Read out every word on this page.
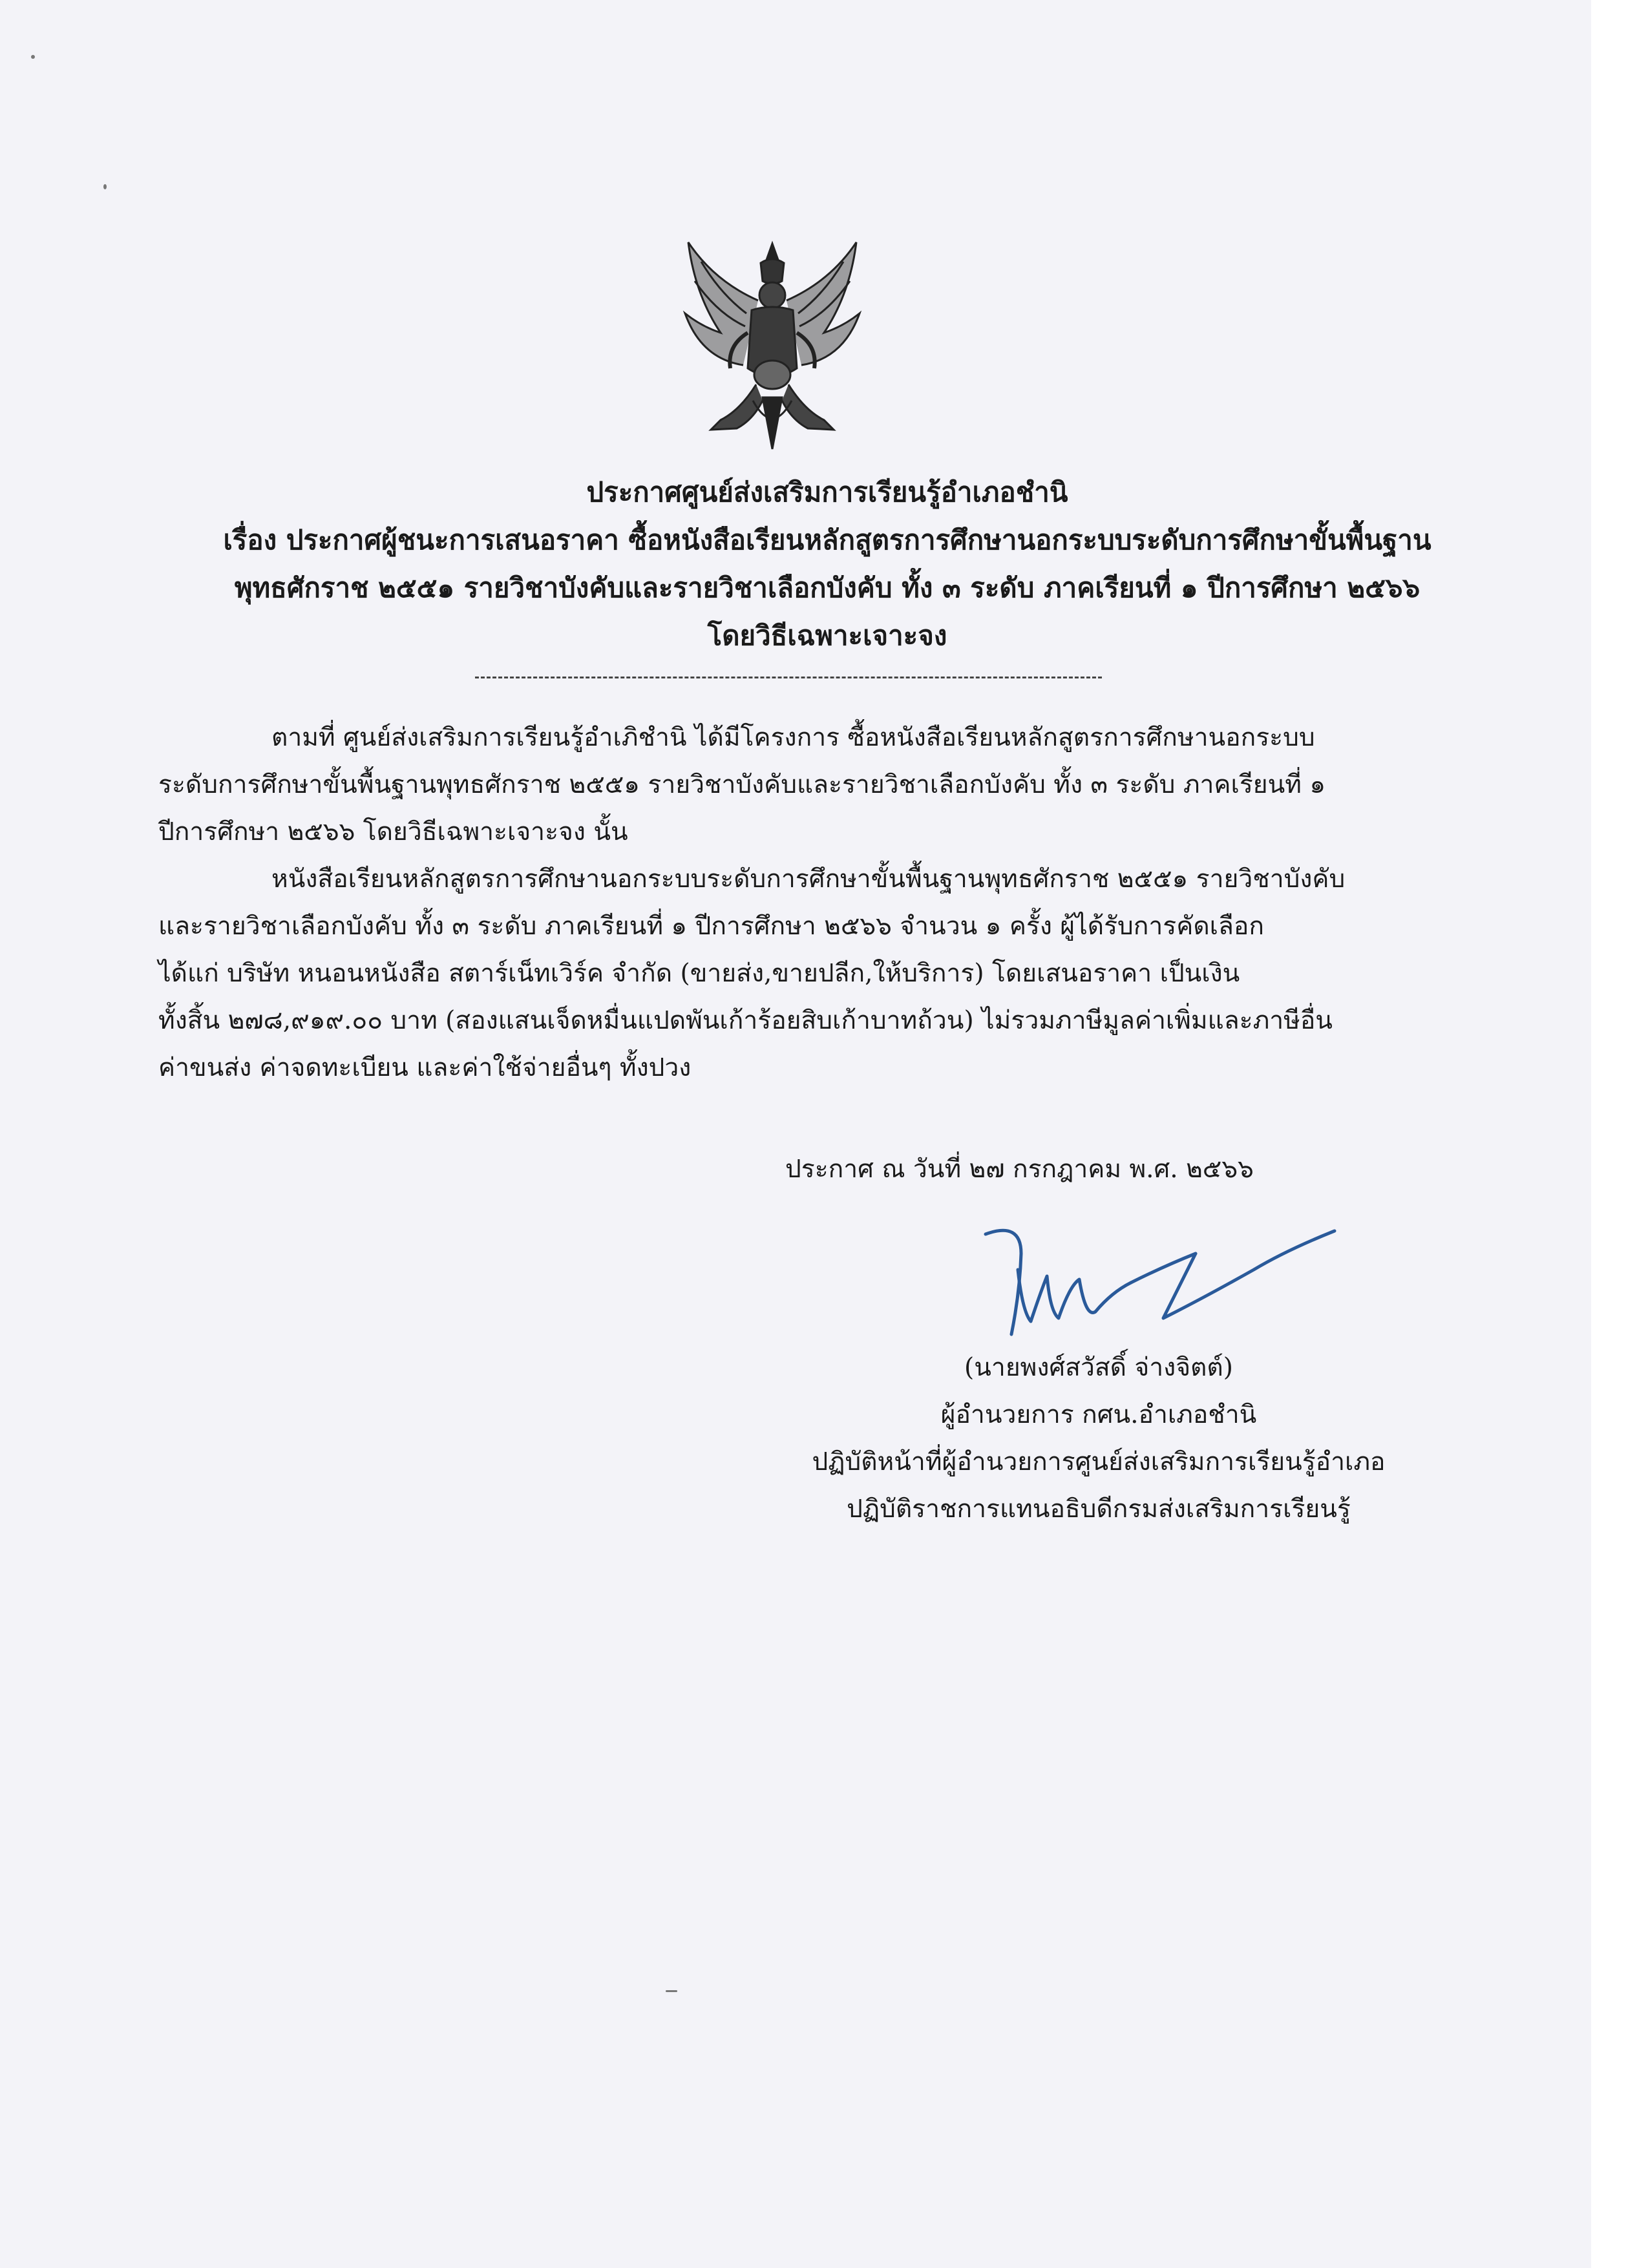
ประกาศศูนย์ส่งเสริมการเรียนรู้อำเภอชำนิ
เรื่อง ประกาศผู้ชนะการเสนอราคา ซื้อหนังสือเรียนหลักสูตรการศึกษานอกระบบระดับการศึกษาขั้นพื้นฐาน
พุทธศักราช ๒๕๕๑ รายวิชาบังคับและรายวิชาเลือกบังคับ ทั้ง ๓ ระดับ ภาคเรียนที่ ๑ ปีการศึกษา ๒๕๖๖
โดยวิธีเฉพาะเจาะจง
ตามที่ ศูนย์ส่งเสริมการเรียนรู้อำเภิชำนิ ได้มีโครงการ ซื้อหนังสือเรียนหลักสูตรการศึกษานอกระบบ
ระดับการศึกษาขั้นพื้นฐานพุทธศักราช ๒๕๕๑ รายวิชาบังคับและรายวิชาเลือกบังคับ ทั้ง ๓ ระดับ ภาคเรียนที่ ๑
ปีการศึกษา ๒๕๖๖ โดยวิธีเฉพาะเจาะจง นั้น
หนังสือเรียนหลักสูตรการศึกษานอกระบบระดับการศึกษาขั้นพื้นฐานพุทธศักราช ๒๕๕๑ รายวิชาบังคับ
และรายวิชาเลือกบังคับ ทั้ง ๓ ระดับ ภาคเรียนที่ ๑ ปีการศึกษา ๒๕๖๖ จำนวน ๑ ครั้ง ผู้ได้รับการคัดเลือก
ได้แก่ บริษัท หนอนหนังสือ สตาร์เน็ทเวิร์ค จำกัด (ขายส่ง,ขายปลีก,ให้บริการ) โดยเสนอราคา เป็นเงิน
ทั้งสิ้น ๒๗๘,๙๑๙.๐๐ บาท (สองแสนเจ็ดหมื่นแปดพันเก้าร้อยสิบเก้าบาทถ้วน) ไม่รวมภาษีมูลค่าเพิ่มและภาษีอื่น
ค่าขนส่ง ค่าจดทะเบียน และค่าใช้จ่ายอื่นๆ ทั้งปวง
ประกาศ ณ วันที่ ๒๗ กรกฎาคม พ.ศ. ๒๕๖๖
(นายพงศ์สวัสดิ์ จ่างจิตต์)
ผู้อำนวยการ กศน.อำเภอชำนิ
ปฏิบัติหน้าที่ผู้อำนวยการศูนย์ส่งเสริมการเรียนรู้อำเภอ
ปฏิบัติราชการแทนอธิบดีกรมส่งเสริมการเรียนรู้
